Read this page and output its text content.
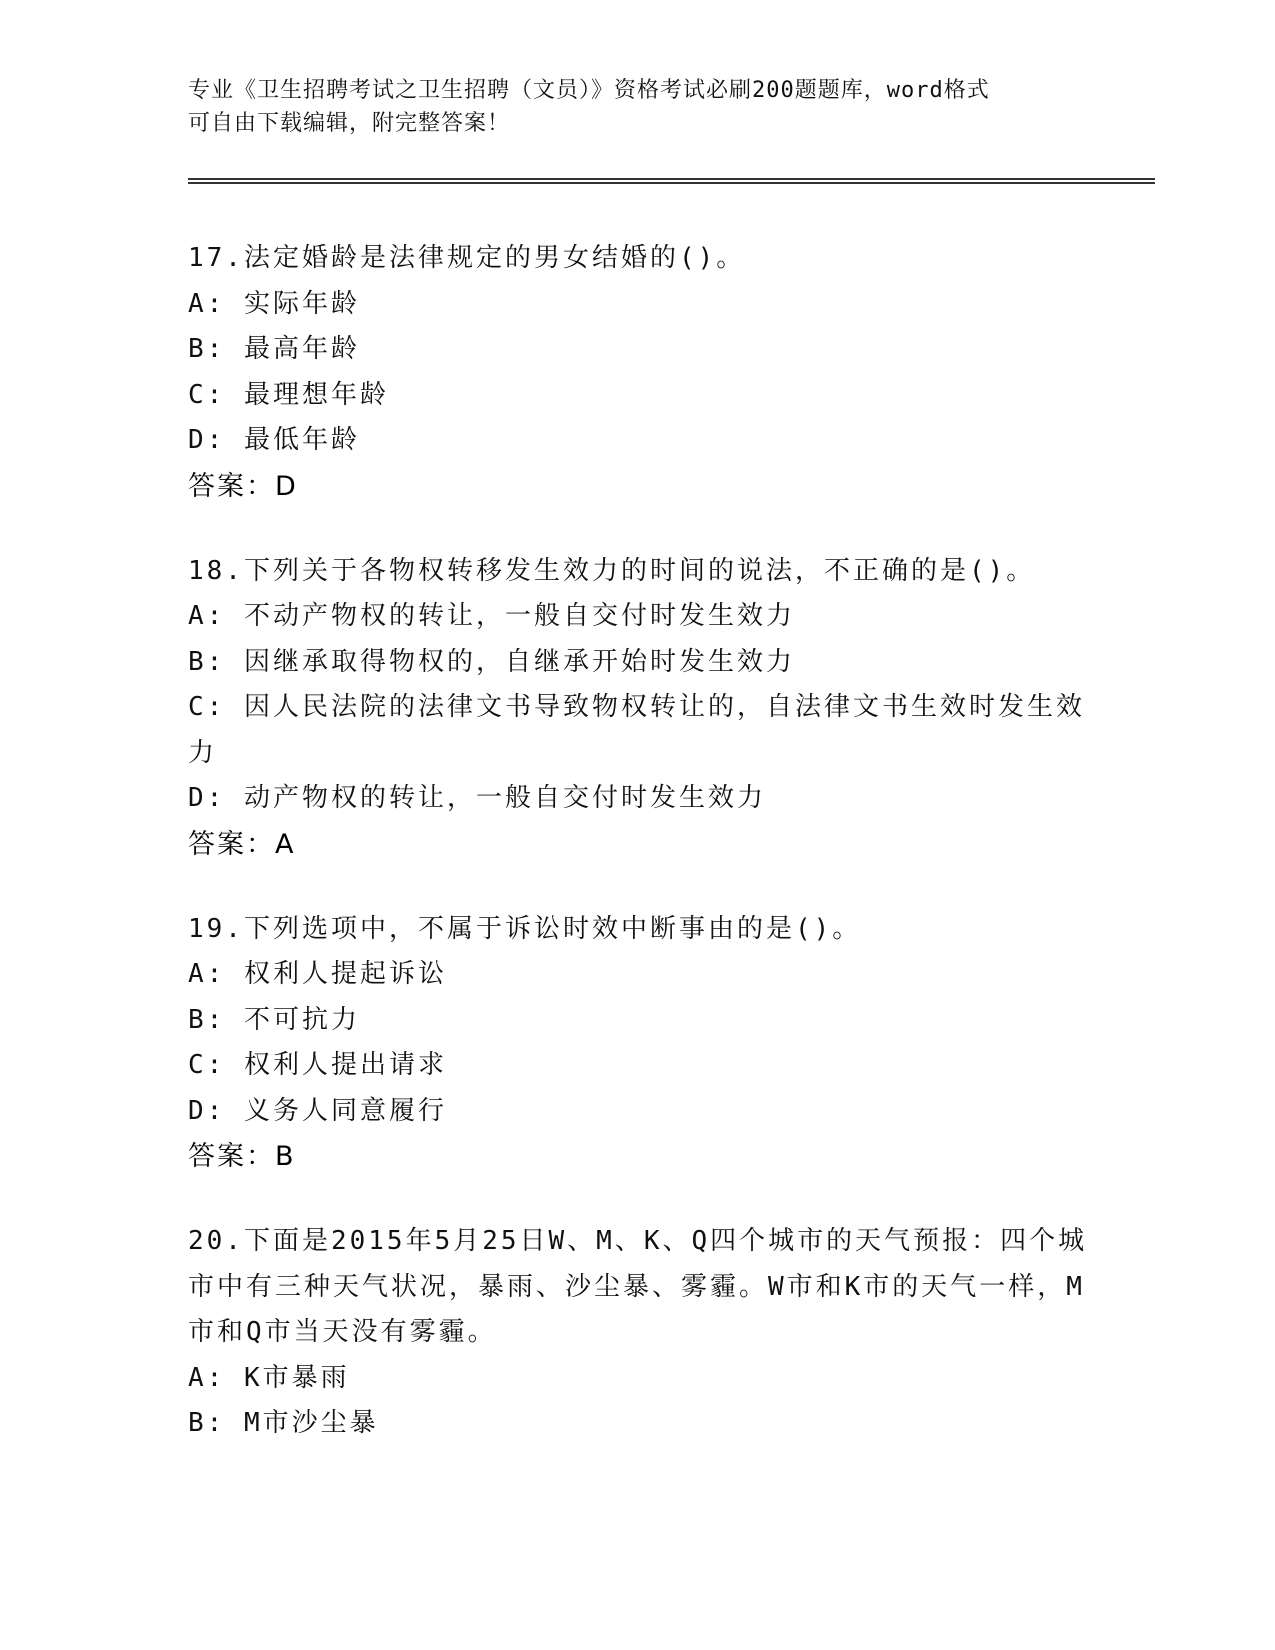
专业《卫生招聘考试之卫生招聘（文员）》资格考试必刷200题题库，word格式

可自由下载编辑，附完整答案！

17.法定婚龄是法律规定的男女结婚的()。

A: 实际年龄

B: 最高年龄

C: 最理想年龄

D: 最低年龄

答案：D

18.下列关于各物权转移发生效力的时间的说法，不正确的是()。

A: 不动产物权的转让，一般自交付时发生效力

B: 因继承取得物权的，自继承开始时发生效力

C: 因人民法院的法律文书导致物权转让的，自法律文书生效时发生效力

D: 动产物权的转让，一般自交付时发生效力

答案：A

19.下列选项中，不属于诉讼时效中断事由的是()。

A: 权利人提起诉讼

B: 不可抗力

C: 权利人提出请求

D: 义务人同意履行

答案：B

20.下面是2015年5月25日W、M、K、Q四个城市的天气预报：四个城市中有三种天气状况，暴雨、沙尘暴、雾霾。W市和K市的天气一样，M市和Q市当天没有雾霾。

A: K市暴雨

B: M市沙尘暴
